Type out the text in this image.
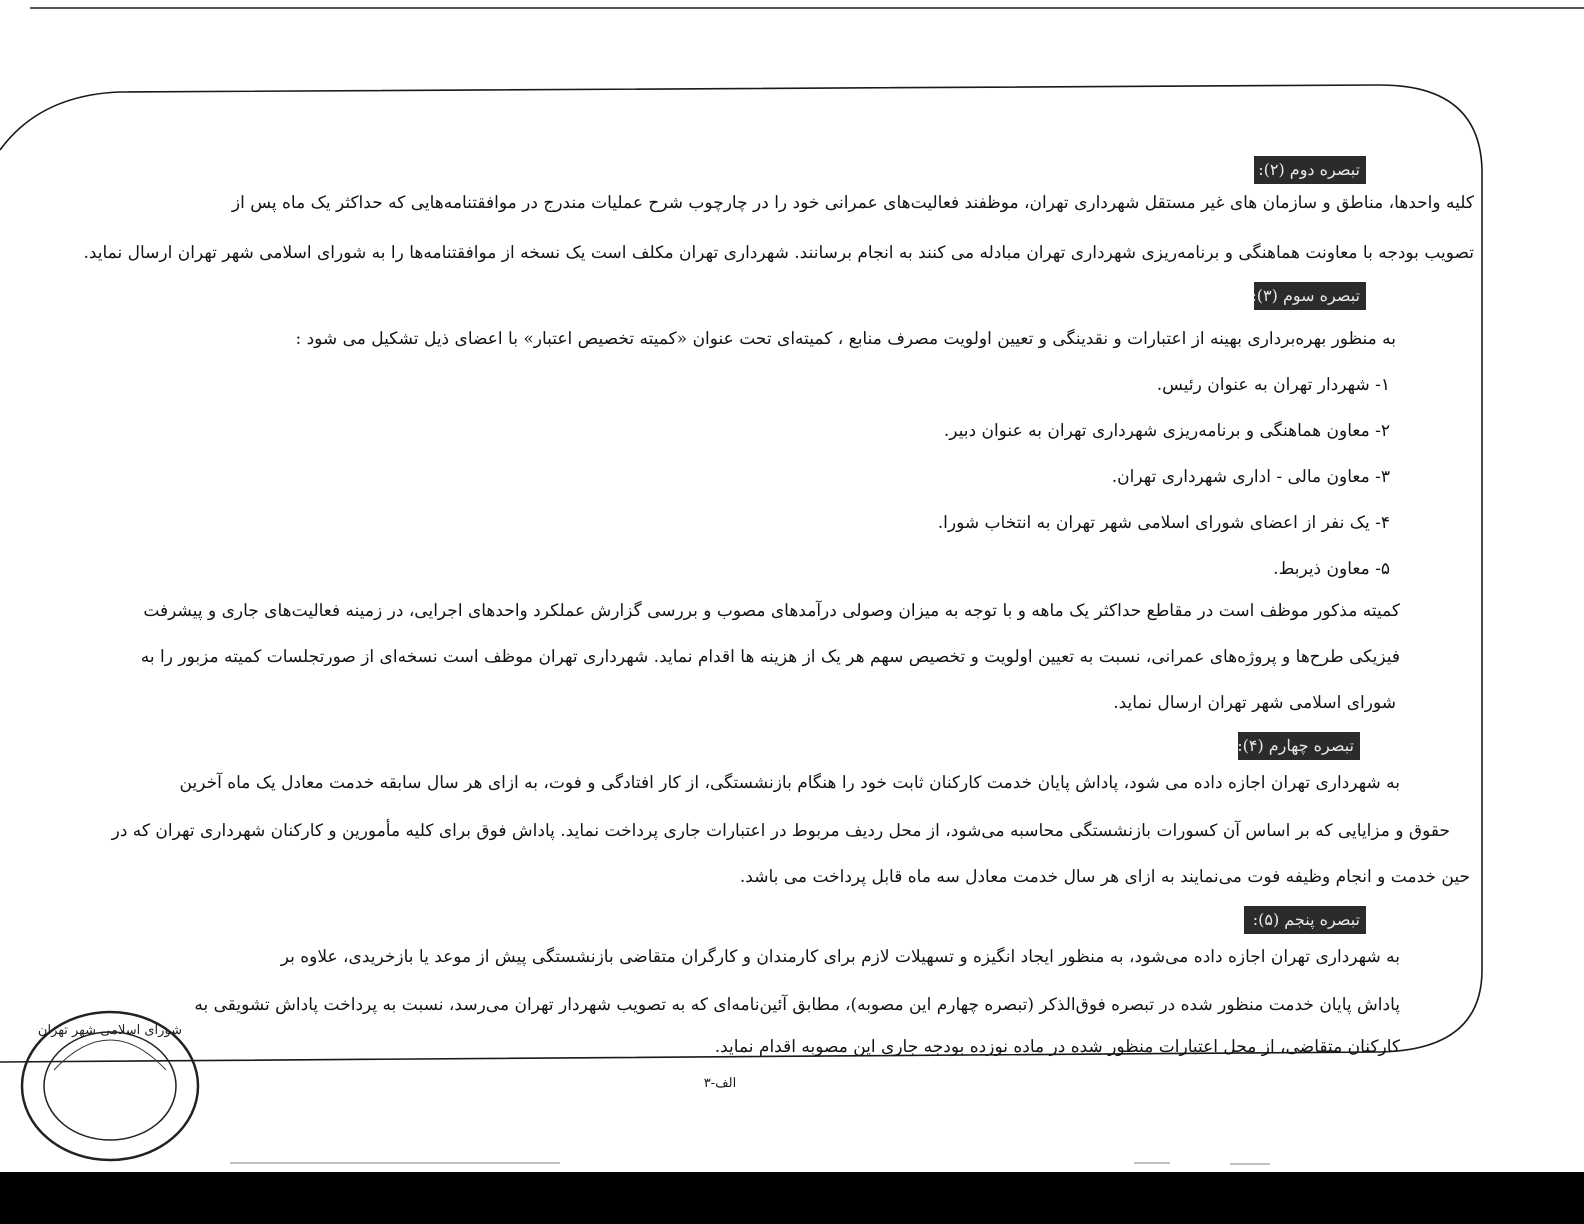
تبصره دوم (۲):
کلیه واحدها، مناطق و سازمان های غیر مستقل شهرداری تهران، موظفند فعالیت‌های عمرانی خود را در چارچوب شرح عملیات مندرج در موافقتنامه‌هایی که حداکثر یک ماه پس از
تصویب بودجه با معاونت هماهنگی و برنامه‌ریزی شهرداری تهران مبادله می کنند به انجام برسانند. شهرداری تهران مکلف است یک نسخه از موافقتنامه‌ها را به شورای اسلامی شهر تهران ارسال نماید.
تبصره سوم (۳):
به منظور بهره‌برداری بهینه از اعتبارات و نقدینگی و تعیین اولویت مصرف منابع ، کمیته‌ای تحت عنوان «کمیته تخصیص اعتبار» با اعضای ذیل تشکیل می شود :
۱- شهردار تهران به عنوان رئیس.
۲- معاون هماهنگی و برنامه‌ریزی شهرداری تهران به عنوان دبیر.
۳- معاون مالی - اداری شهرداری تهران.
۴- یک نفر از اعضای شورای اسلامی شهر تهران به انتخاب شورا.
۵- معاون ذیربط.
کمیته مذکور موظف است در مقاطع حداکثر یک ماهه و با توجه به میزان وصولی درآمدهای مصوب و بررسی گزارش عملکرد واحدهای اجرایی، در زمینه فعالیت‌های جاری و پیشرفت
فیزیکی طرح‌ها و پروژه‌های عمرانی، نسبت به تعیین اولویت و تخصیص سهم هر یک از هزینه ها اقدام نماید. شهرداری تهران موظف است نسخه‌ای از صورتجلسات کمیته مزبور را به
شورای اسلامی شهر تهران ارسال نماید.
تبصره چهارم (۴):
به شهرداری تهران اجازه داده می شود، پاداش پایان خدمت کارکنان ثابت خود را هنگام بازنشستگی، از کار افتادگی و فوت، به ازای هر سال سابقه خدمت معادل یک ماه آخرین
حقوق و مزایایی که بر اساس آن کسورات بازنشستگی محاسبه می‌شود، از محل ردیف مربوط در اعتبارات جاری پرداخت نماید. پاداش فوق برای کلیه مأمورین و کارکنان شهرداری تهران که در
حین خدمت و انجام وظیفه فوت می‌نمایند به ازای هر سال خدمت معادل سه ماه قابل پرداخت می باشد.
تبصره پنجم (۵):
به شهرداری تهران اجازه داده می‌شود، به منظور ایجاد انگیزه و تسهیلات لازم برای کارمندان و کارگران متقاضی بازنشستگی پیش از موعد یا بازخریدی، علاوه بر
پاداش پایان خدمت منظور شده در تبصره فوق‌الذکر (تبصره چهارم این مصوبه)، مطابق آئین‌نامه‌ای که به تصویب شهردار تهران می‌رسد، نسبت به پرداخت پاداش تشویقی به
کارکنان متقاضی، از محل اعتبارات منظور شده در ماده نوزده بودجه جاری این مصوبه اقدام نماید.
شورای اسلامی شهر تهران
الف-۳
